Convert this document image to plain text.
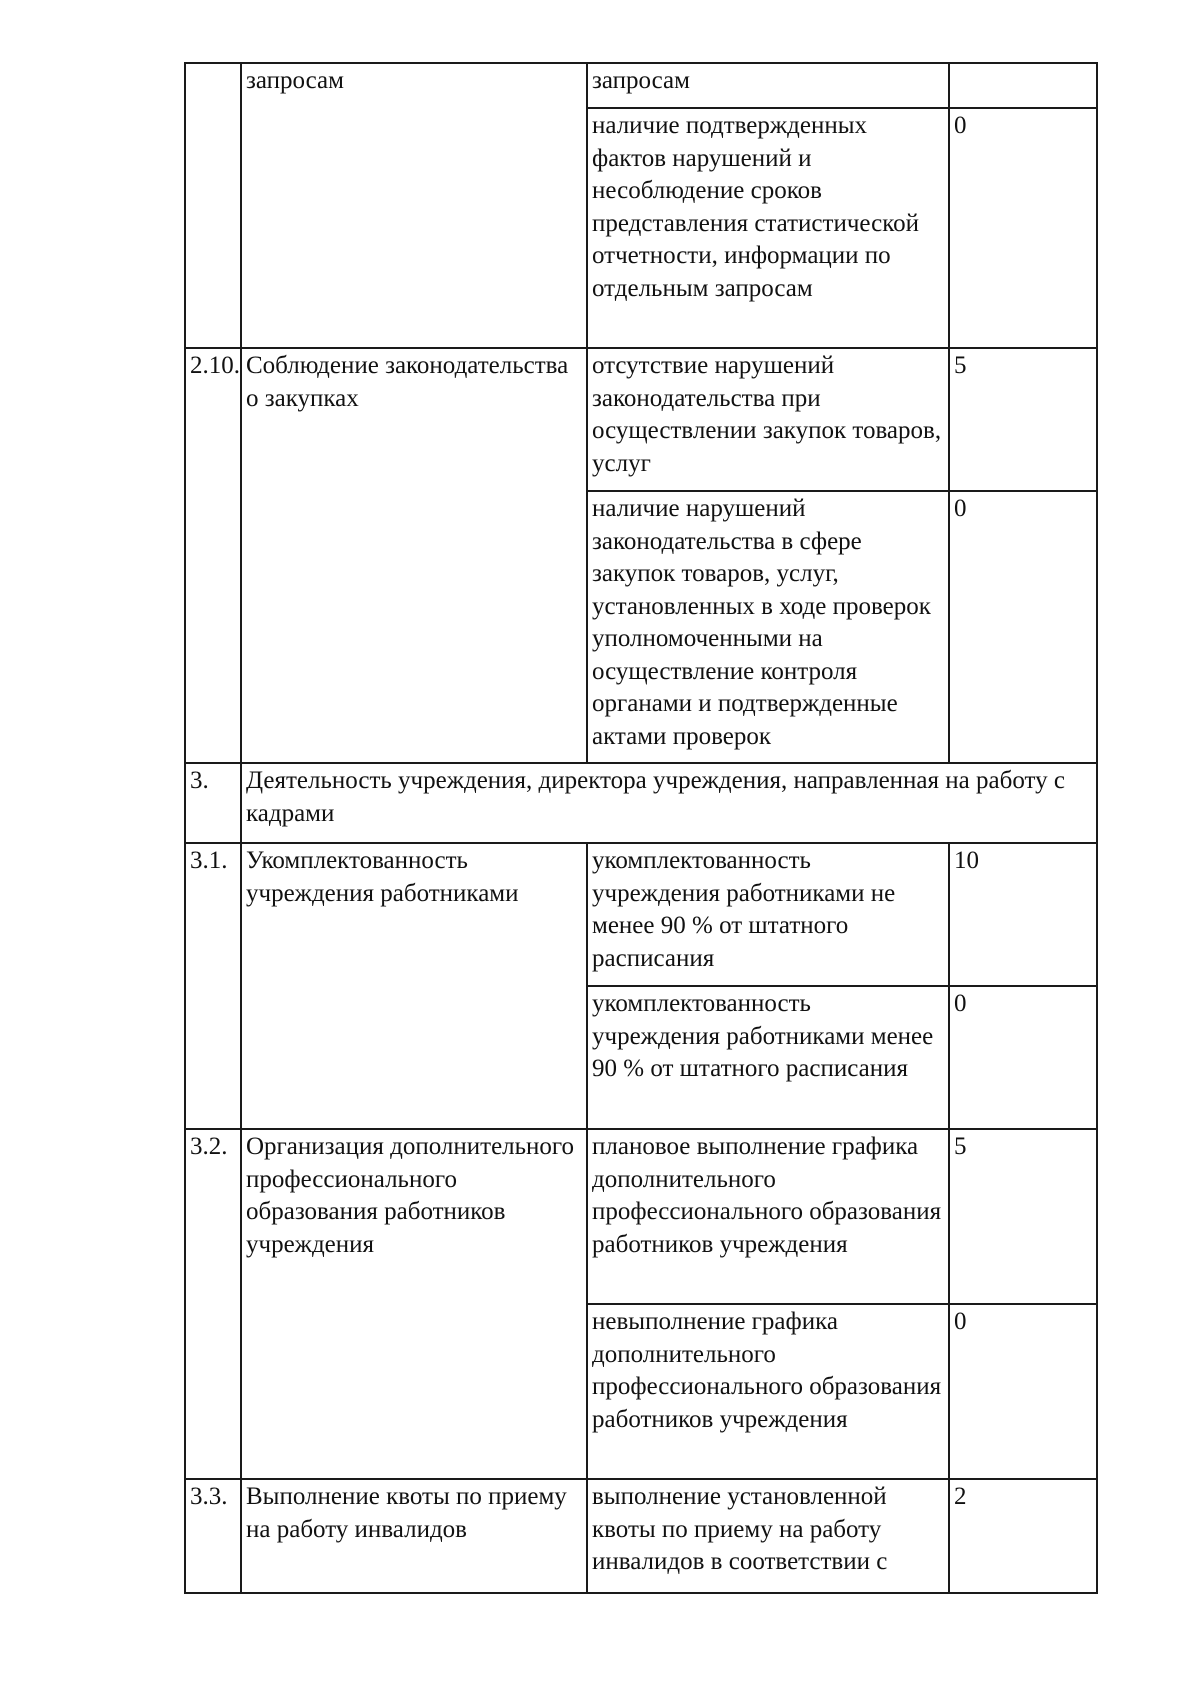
	запросам	запросам	
		наличие подтвержденных фактов нарушений и несоблюдение сроков представления статистической отчетности, информации по отдельным запросам	0
2.10.	Соблюдение законодательства о закупках	отсутствие нарушений законодательства при осуществлении закупок товаров, услуг	5
		наличие нарушений законодательства в сфере закупок товаров, услуг, установленных в ходе проверок уполномоченными на осуществление контроля органами и подтвержденные актами проверок	0
3.	Деятельность учреждения, директора учреждения, направленная на работу с кадрами		
3.1.	Укомплектованность учреждения работниками	укомплектованность учреждения работниками не менее 90 % от штатного расписания	10
		укомплектованность учреждения работниками менее 90 % от штатного расписания	0
3.2.	Организация дополнительного профессионального образования работников учреждения	плановое выполнение графика дополнительного профессионального образования работников учреждения	5
		невыполнение графика дополнительного профессионального образования работников учреждения	0
3.3.	Выполнение квоты по приему на работу инвалидов	выполнение установленной квоты по приему на работу инвалидов в соответствии с	2
